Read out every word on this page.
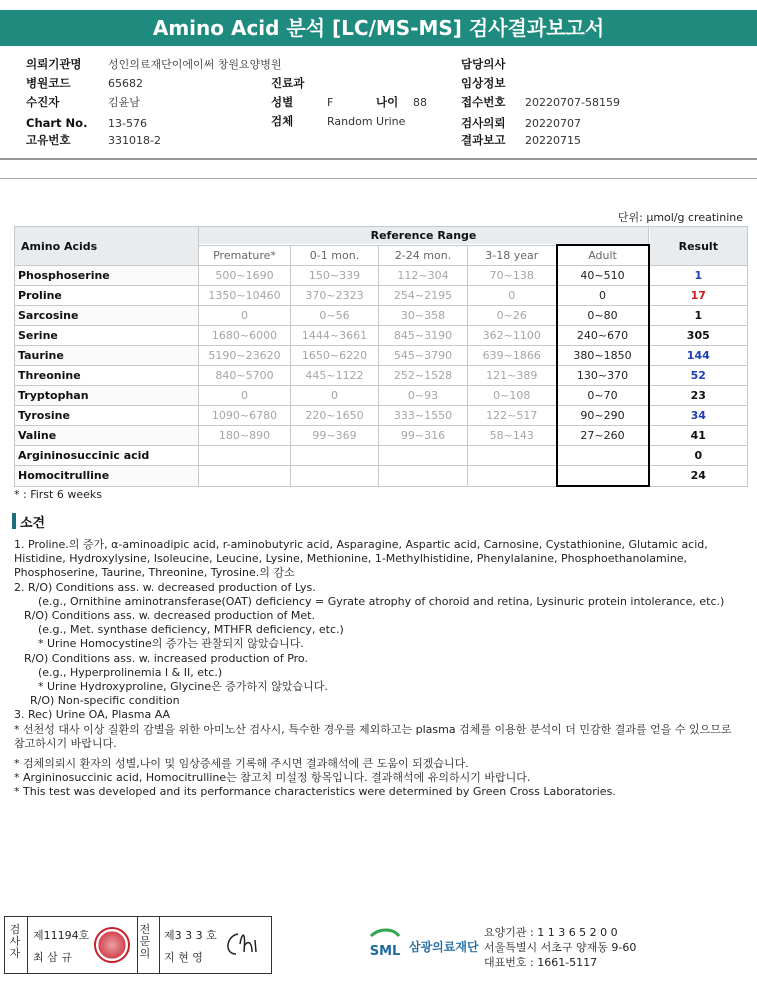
Amino Acid 분석 [LC/MS-MS] 검사결과보고서
의뢰기관명 성인의료재단이에이써 창원요양병원
병원코드	65682
수진자	김윤남
Chart No. 13-576
고유번호	331018-2
진료과
성별	F	나이 88
검체	Random Urine
담당의사
임상정보
접수번호 20220707-58159
검사의뢰 20220707
결과보고 20220715
단위: μmol/g creatinine
Amino Acids	Reference Range					Result
	Premature*	0-1 mon.	2-24 mon.	3-18 year	Adult	
Phosphoserine	500~1690	150~339	112~304	70~138	40~510	1
Proline	1350~10460	370~2323	254~2195	0	0	17
Sarcosine	0	0~56	30~358	0~26	0~80	1
Serine	1680~6000	1444~3661	845~3190	362~1100	240~670	305
Taurine	5190~23620	1650~6220	545~3790	639~1866	380~1850	144
Threonine	840~5700	445~1122	252~1528	121~389	130~370	52
Tryptophan	0	0	0~93	0~108	0~70	23
Tyrosine	1090~6780	220~1650	333~1550	122~517	90~290	34
Valine	180~890	99~369	99~316	58~143	27~260	41
Argininosuccinic acid						0
Homocitrulline						24
* : First 6 weeks
소견
1. Proline.의 증가, α-aminoadipic acid, r-aminobutyric acid, Asparagine, Aspartic acid, Carnosine, Cystathionine, Glutamic acid,
Histidine, Hydroxylysine, Isoleucine, Leucine, Lysine, Methionine, 1-Methylhistidine, Phenylalanine, Phosphoethanolamine,
Phosphoserine, Taurine, Threonine, Tyrosine.의 감소
2. R/O) Conditions ass. w. decreased production of Lys.
(e.g., Ornithine aminotransferase(OAT) deficiency = Gyrate atrophy of choroid and retina, Lysinuric protein intolerance, etc.)
R/O) Conditions ass. w. decreased production of Met.
(e.g., Met. synthase deficiency, MTHFR deficiency, etc.)
* Urine Homocystine의 증가는 관찰되지 않았습니다.
R/O) Conditions ass. w. increased production of Pro.
(e.g., Hyperprolinemia I & II, etc.)
* Urine Hydroxyproline, Glycine은 증가하지 않았습니다.
R/O) Non-specific condition
3. Rec) Urine OA, Plasma AA
* 선천성 대사 이상 질환의 감별을 위한 아미노산 검사시, 특수한 경우를 제외하고는 plasma 검체를 이용한 분석이 더 민감한 결과를 얻을 수 있으므로
참고하시기 바랍니다.
* 검체의뢰시 환자의 성별,나이 및 임상증세를 기록해 주시면 결과해석에 큰 도움이 되겠습니다.
* Argininosuccinic acid, Homocitrulline는 참고치 미설정 항목입니다. 결과해석에 유의하시기 바랍니다.
* This test was developed and its performance characteristics were determined by Green Cross Laboratories.
검사자
제11194호
최 삼 규
전문의
제3 3 3 호
지 현 영	SML 삼광의료재단
요양기관 : 1 1 3 6 5 2 0 0
서울특별시 서초구 양재동 9-60
대표번호 : 1661-5117
